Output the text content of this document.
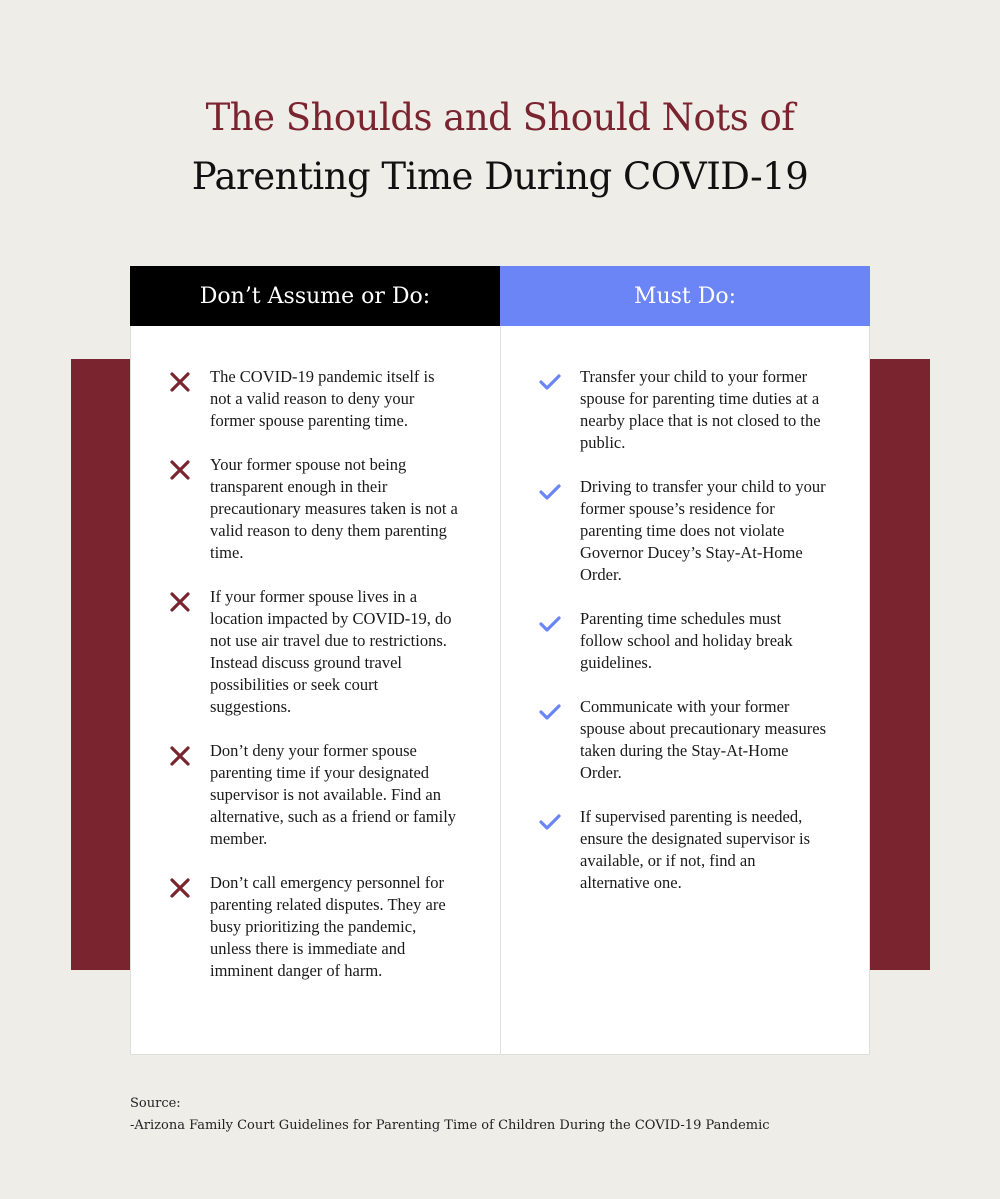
The Shoulds and Should Nots of
Parenting Time During COVID-19
Don’t Assume or Do:	Must Do:
The COVID-19 pandemic itself is not a valid reason to deny your former spouse parenting time.
Your former spouse not being transparent enough in their precautionary measures taken is not a valid reason to deny them parenting time.
If your former spouse lives in a location impacted by COVID-19, do not use air travel due to restrictions. Instead discuss ground travel possibilities or seek court suggestions.
Don’t deny your former spouse parenting time if your designated supervisor is not available. Find an alternative, such as a friend or family member.
Don’t call emergency personnel for parenting related disputes. They are busy prioritizing the pandemic, unless there is immediate and imminent danger of harm.
Transfer your child to your former spouse for parenting time duties at a nearby place that is not closed to the public.
Driving to transfer your child to your former spouse’s residence for parenting time does not violate Governor Ducey’s Stay-At-Home Order.
Parenting time schedules must follow school and holiday break guidelines.
Communicate with your former spouse about precautionary measures taken during the Stay-At-Home Order.
If supervised parenting is needed, ensure the designated supervisor is available, or if not, find an alternative one.
Source:
-Arizona Family Court Guidelines for Parenting Time of Children During the COVID-19 Pandemic
